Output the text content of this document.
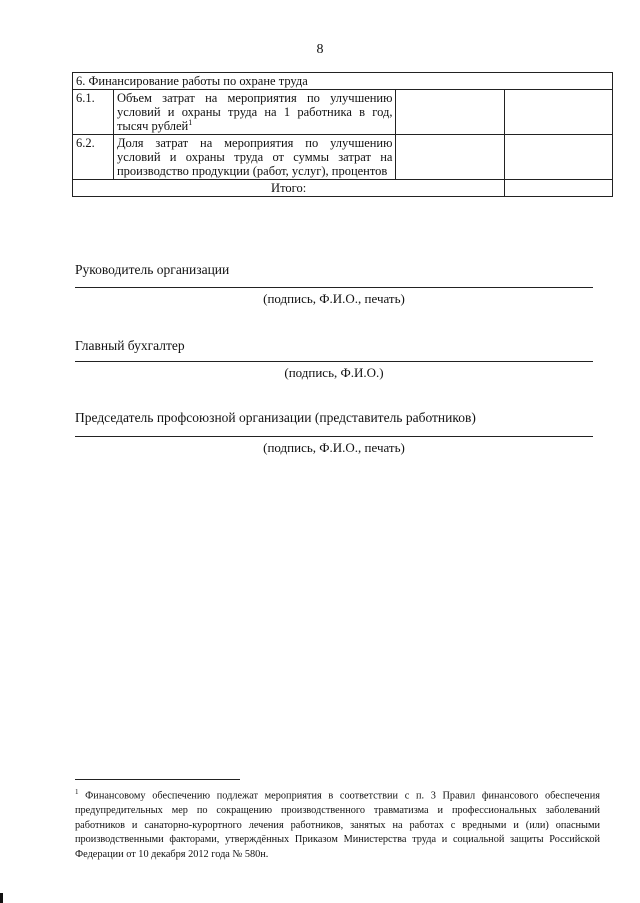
8
6. Финансирование работы по охране труда			
6.1.	Объем затрат на мероприятия по улучшению условий и охраны труда на 1 работника в год, тысяч рублей$^1$		
6.2.	Доля затрат на мероприятия по улучшению условий и охраны труда от суммы затрат на производство продукции (работ, услуг), процентов		
Итого:			
Руководитель организации
(подпись, Ф.И.О., печать)
Главный бухгалтер
(подпись, Ф.И.О.)
Председатель профсоюзной организации (представитель работников)
(подпись, Ф.И.О., печать)
$^1$ Финансовому обеспечению подлежат мероприятия в соответствии с п. 3 Правил финансового обеспечения предупредительных мер по сокращению производственного травматизма и профессиональных заболеваний работников и санаторно-курортного лечения работников, занятых на работах с вредными и (или) опасными производственными факторами, утверждённых Приказом Министерства труда и социальной защиты Российской Федерации от 10 декабря 2012 года № 580н.
